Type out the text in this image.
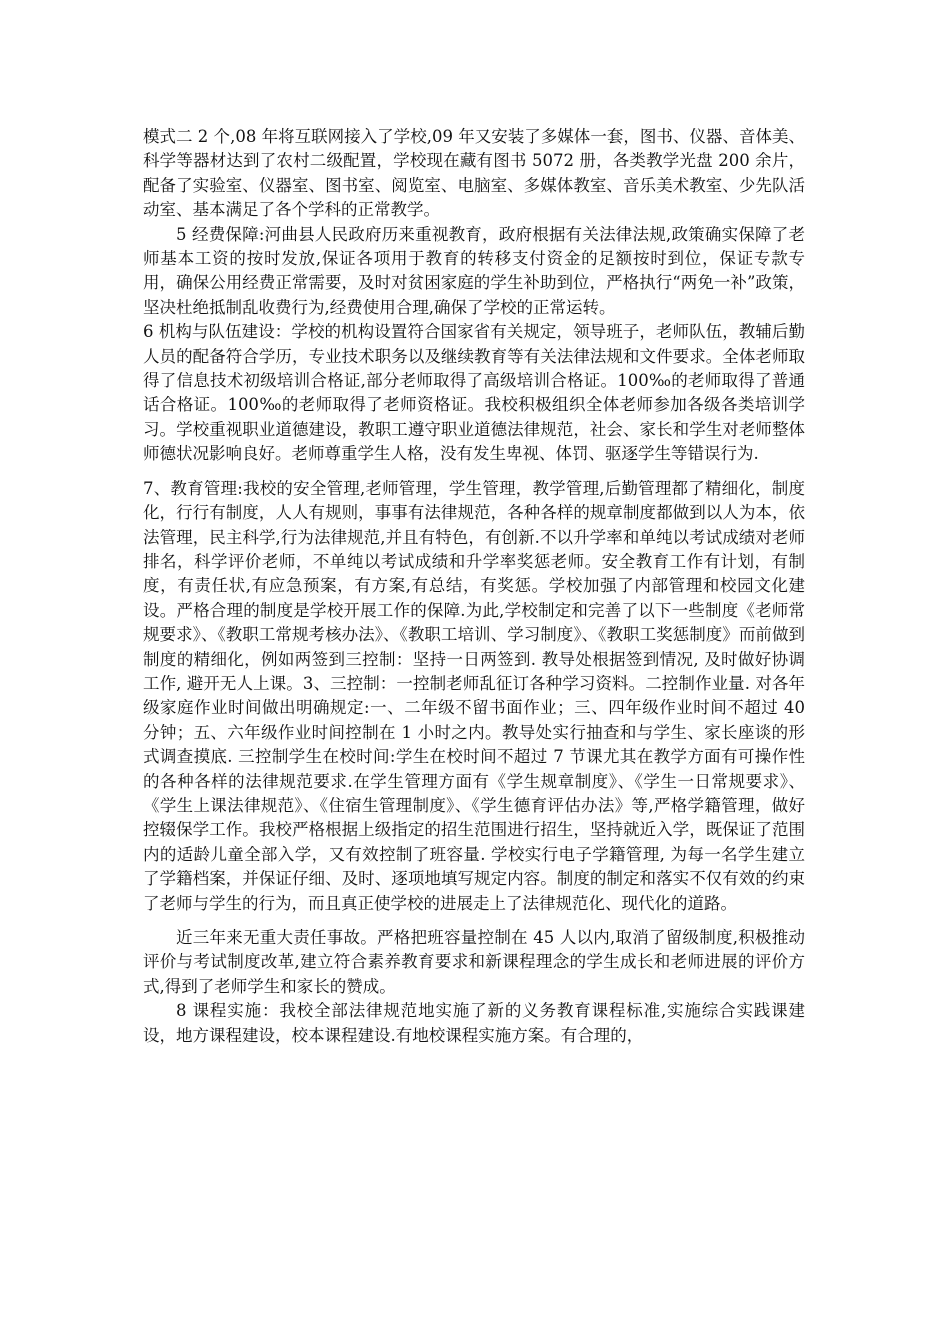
模式二 2 个,08 年将互联网接入了学校,09 年又安装了多媒体一套，图书、仪器、音体美、科学等器材达到了农村二级配置，学校现在藏有图书 5072 册，各类教学光盘 200 余片，配备了实验室、仪器室、图书室、阅览室、电脑室、多媒体教室、音乐美术教室、少先队活动室、基本满足了各个学科的正常教学。

5 经费保障:河曲县人民政府历来重视教育，政府根据有关法律法规,政策确实保障了老师基本工资的按时发放,保证各项用于教育的转移支付资金的足额按时到位，保证专款专用，确保公用经费正常需要，及时对贫困家庭的学生补助到位，严格执行“两免一补”政策，坚决杜绝抵制乱收费行为,经费使用合理,确保了学校的正常运转。

6 机构与队伍建设：学校的机构设置符合国家省有关规定，领导班子，老师队伍，教辅后勤人员的配备符合学历，专业技术职务以及继续教育等有关法律法规和文件要求。全体老师取得了信息技术初级培训合格证,部分老师取得了高级培训合格证。100‰的老师取得了普通话合格证。100‰的老师取得了老师资格证。我校积极组织全体老师参加各级各类培训学习。学校重视职业道德建设，教职工遵守职业道德法律规范，社会、家长和学生对老师整体师德状况影响良好。老师尊重学生人格，没有发生卑视、体罚、驱逐学生等错误行为.

7、教育管理:我校的安全管理,老师管理，学生管理，教学管理,后勤管理都了精细化，制度化，行行有制度，人人有规则，事事有法律规范，各种各样的规章制度都做到以人为本，依法管理，民主科学,行为法律规范,并且有特色，有创新.不以升学率和单纯以考试成绩对老师排名，科学评价老师，不单纯以考试成绩和升学率奖惩老师。安全教育工作有计划，有制度，有责任状,有应急预案，有方案,有总结，有奖惩。学校加强了内部管理和校园文化建设。严格合理的制度是学校开展工作的保障.为此,学校制定和完善了以下一些制度《老师常规要求》、《教职工常规考核办法》、《教职工培训、学习制度》、《教职工奖惩制度》而前做到制度的精细化，例如两签到三控制：坚持一日两签到. 教导处根据签到情况, 及时做好协调工作, 避开无人上课。3、三控制：一控制老师乱征订各种学习资料。二控制作业量. 对各年级家庭作业时间做出明确规定:一、二年级不留书面作业；三、四年级作业时间不超过 40 分钟；五、六年级作业时间控制在 1 小时之内。教导处实行抽查和与学生、家长座谈的形式调查摸底. 三控制学生在校时间:学生在校时间不超过 7 节课尤其在教学方面有可操作性的各种各样的法律规范要求.在学生管理方面有《学生规章制度》、《学生一日常规要求》、《学生上课法律规范》、《住宿生管理制度》、《学生德育评估办法》等,严格学籍管理，做好控辍保学工作。我校严格根据上级指定的招生范围进行招生，坚持就近入学，既保证了范围内的适龄儿童全部入学，又有效控制了班容量. 学校实行电子学籍管理, 为每一名学生建立了学籍档案，并保证仔细、及时、逐项地填写规定内容。制度的制定和落实不仅有效的约束了老师与学生的行为，而且真正使学校的进展走上了法律规范化、现代化的道路。

近三年来无重大责任事故。严格把班容量控制在 45 人以内,取消了留级制度,积极推动评价与考试制度改革,建立符合素养教育要求和新课程理念的学生成长和老师进展的评价方式,得到了老师学生和家长的赞成。

8 课程实施：我校全部法律规范地实施了新的义务教育课程标准,实施综合实践课建设，地方课程建设，校本课程建设.有地校课程实施方案。有合理的，
